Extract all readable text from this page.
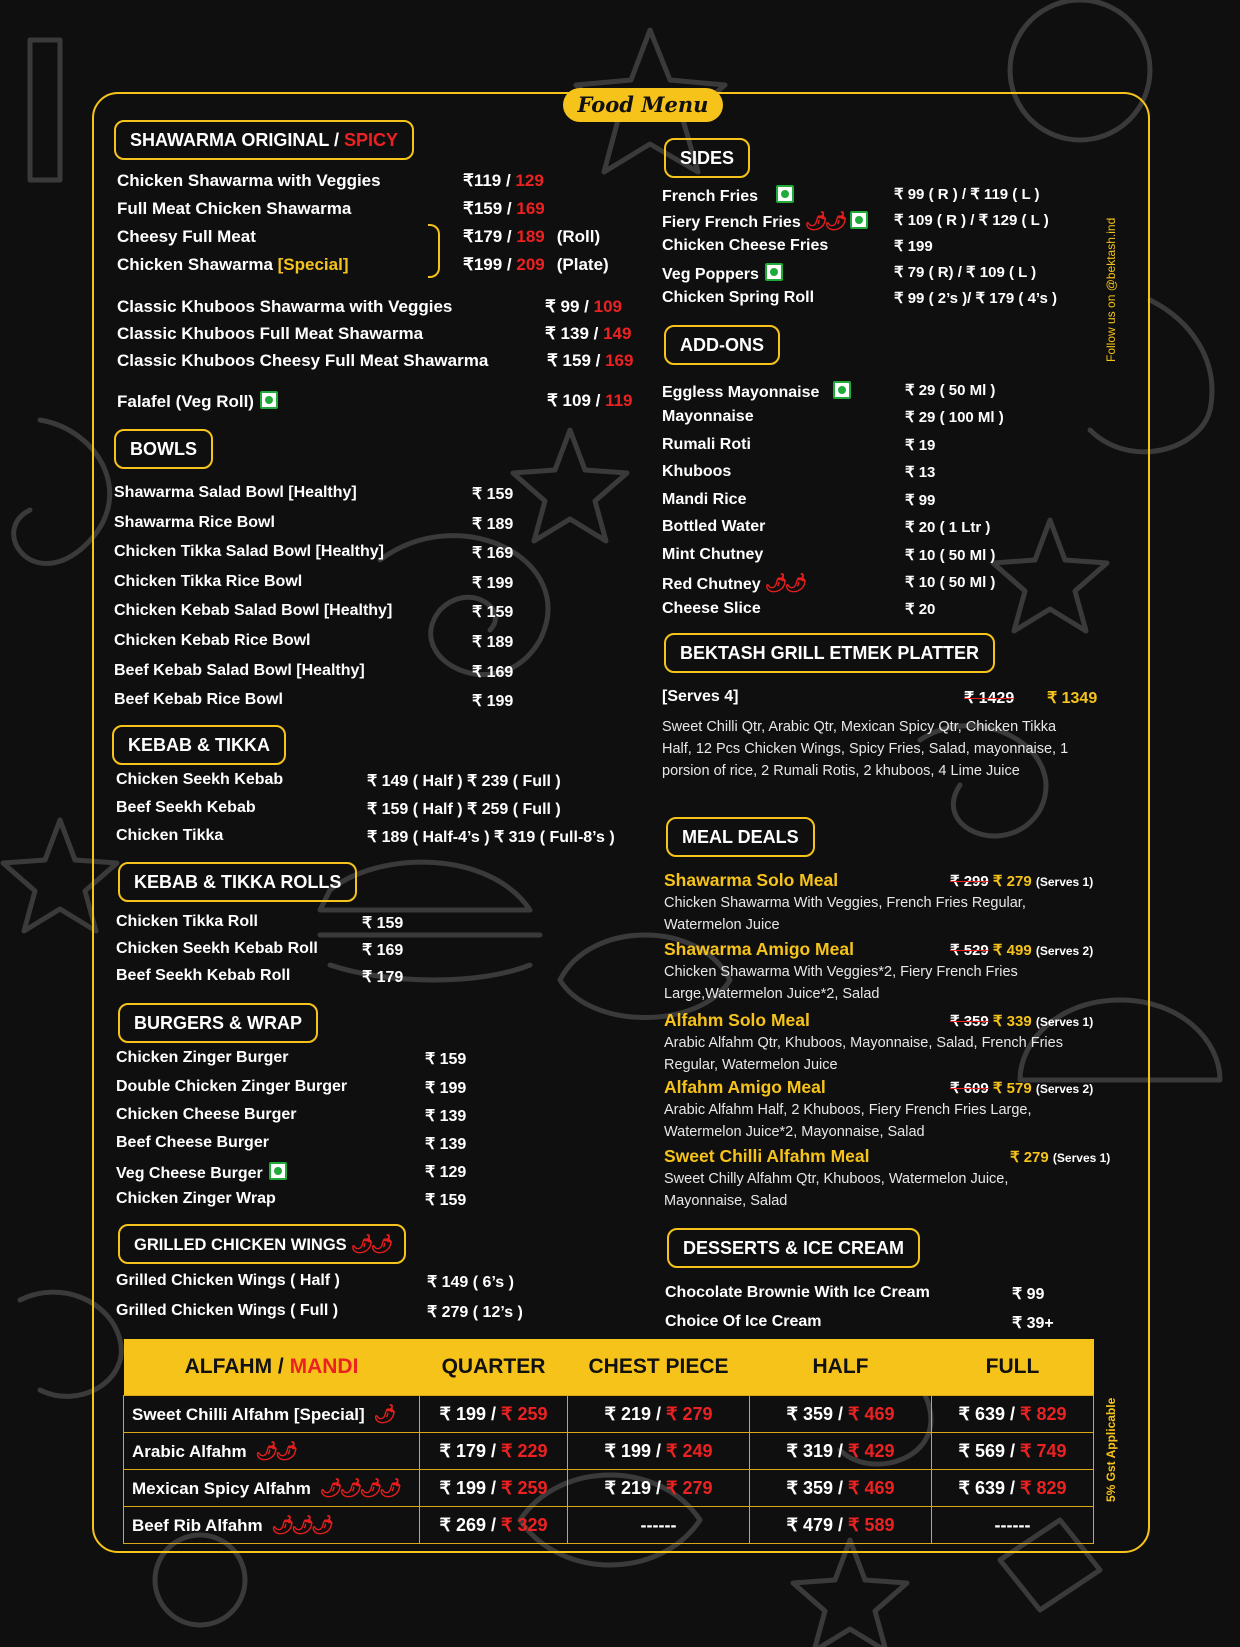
Food Menu
Follow us on @bektash.ind
5% Gst Applicable
SHAWARMA ORIGINAL / SPICY
Chicken Shawarma with Veggies	₹119 / 129
Full Meat Chicken Shawarma	₹159 / 169
Cheesy Full Meat	₹179 / 189 (Roll)
Chicken Shawarma [Special]	₹199 / 209 (Plate)
Classic Khuboos Shawarma with Veggies	₹ 99 / 109
Classic Khuboos Full Meat Shawarma	₹ 139 / 149
Classic Khuboos Cheesy Full Meat Shawarma	₹ 159 / 169
Falafel (Veg Roll)	₹ 109 / 119
BOWLS
Shawarma Salad Bowl [Healthy]	₹ 159
Shawarma Rice Bowl	₹ 189
Chicken Tikka Salad Bowl [Healthy]	₹ 169
Chicken Tikka Rice Bowl	₹ 199
Chicken Kebab Salad Bowl [Healthy]	₹ 159
Chicken Kebab Rice Bowl	₹ 189
Beef Kebab Salad Bowl [Healthy]	₹ 169
Beef Kebab Rice Bowl	₹ 199
KEBAB & TIKKA
Chicken Seekh Kebab	₹ 149 ( Half ) ₹ 239 ( Full )
Beef Seekh Kebab	₹ 159 ( Half ) ₹ 259 ( Full )
Chicken Tikka	₹ 189 ( Half-4’s ) ₹ 319 ( Full-8’s )
KEBAB & TIKKA ROLLS
Chicken Tikka Roll	₹ 159
Chicken Seekh Kebab Roll	₹ 169
Beef Seekh Kebab Roll	₹ 179
BURGERS & WRAP
Chicken Zinger Burger	₹ 159
Double Chicken Zinger Burger	₹ 199
Chicken Cheese Burger	₹ 139
Beef Cheese Burger	₹ 139
Veg Cheese Burger	₹ 129
Chicken Zinger Wrap	₹ 159
GRILLED CHICKEN WINGS 🌶🌶
Grilled Chicken Wings ( Half )	₹ 149 ( 6’s )
Grilled Chicken Wings ( Full )	₹ 279 ( 12’s )
SIDES
French Fries	₹ 99 ( R ) / ₹ 119 ( L )
Fiery French Fries 🌶🌶	₹ 109 ( R ) / ₹ 129 ( L )
Chicken Cheese Fries	₹ 199
Veg Poppers	₹ 79 ( R) / ₹ 109 ( L )
Chicken Spring Roll	₹ 99 ( 2’s )/ ₹ 179 ( 4’s )
ADD-ONS
Eggless Mayonnaise	₹ 29 ( 50 Ml )
Mayonnaise	₹ 29 ( 100 Ml )
Rumali Roti	₹ 19
Khuboos	₹ 13
Mandi Rice	₹ 99
Bottled Water	₹ 20 ( 1 Ltr )
Mint Chutney	₹ 10 ( 50 Ml )
Red Chutney 🌶🌶	₹ 10 ( 50 Ml )
Cheese Slice	₹ 20
BEKTASH GRILL ETMEK PLATTER
[Serves 4]	₹ 1429 ₹ 1349
Sweet Chilli Qtr, Arabic Qtr, Mexican Spicy Qtr, Chicken Tikka Half, 12 Pcs Chicken Wings, Spicy Fries, Salad, mayonnaise, 1 porsion of rice, 2 Rumali Rotis, 2 khuboos, 4 Lime Juice
MEAL DEALS
Shawarma Solo Meal	₹ 299 ₹ 279 (Serves 1)
Chicken Shawarma With Veggies, French Fries Regular, Watermelon Juice
Shawarma Amigo Meal	₹ 529 ₹ 499 (Serves 2)
Chicken Shawarma With Veggies*2, Fiery French Fries Large,Watermelon Juice*2, Salad
Alfahm Solo Meal	₹ 359 ₹ 339 (Serves 1)
Arabic Alfahm Qtr, Khuboos, Mayonnaise, Salad, French Fries Regular, Watermelon Juice
Alfahm Amigo Meal	₹ 609 ₹ 579 (Serves 2)
Arabic Alfahm Half, 2 Khuboos, Fiery French Fries Large, Watermelon Juice*2, Mayonnaise, Salad
Sweet Chilli Alfahm Meal	₹ 279 (Serves 1)
Sweet Chilly Alfahm Qtr, Khuboos, Watermelon Juice, Mayonnaise, Salad
DESSERTS & ICE CREAM
Chocolate Brownie With Ice Cream	₹ 99
Choice Of Ice Cream	₹ 39+
ALFAHM / MANDI	QUARTER	CHEST PIECE	HALF	FULL
Sweet Chilli Alfahm [Special] 🌶	₹ 199 / ₹ 259	₹ 219 / ₹ 279	₹ 359 / ₹ 469	₹ 639 / ₹ 829
Arabic Alfahm 🌶🌶	₹ 179 / ₹ 229	₹ 199 / ₹ 249	₹ 319 / ₹ 429	₹ 569 / ₹ 749
Mexican Spicy Alfahm 🌶🌶🌶🌶	₹ 199 / ₹ 259	₹ 219 / ₹ 279	₹ 359 / ₹ 469	₹ 639 / ₹ 829
Beef Rib Alfahm 🌶🌶🌶	₹ 269 / ₹ 329	------	₹ 479 / ₹ 589	------
